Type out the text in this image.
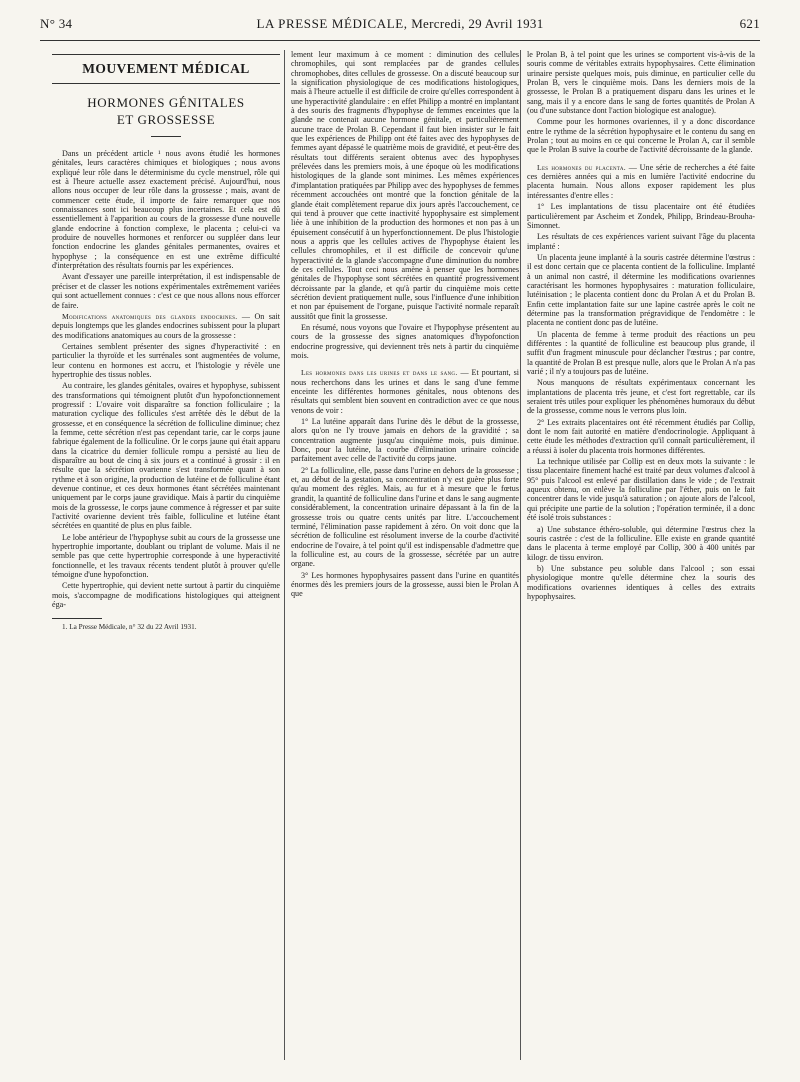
N° 34	LA PRESSE MÉDICALE, Mercredi, 29 Avril 1931	621
MOUVEMENT MÉDICAL
HORMONES GÉNITALES
ET GROSSESSE

Dans un précédent article ¹ nous avons étudié les hormones génitales, leurs caractères chimiques et biologiques ; nous avons expliqué leur rôle dans le déterminisme du cycle menstruel, rôle qui est à l'heure actuelle assez exactement précisé. Aujourd'hui, nous allons nous occuper de leur rôle dans la grossesse ; mais, avant de commencer cette étude, il importe de faire remarquer que nos connaissances sont ici beaucoup plus incertaines. Et cela est dû essentiellement à l'apparition au cours de la grossesse d'une nouvelle glande endocrine à fonction complexe, le placenta ; celui-ci va produire de nouvelles hormones et renforcer ou suppléer dans leur fonction endocrine les glandes génitales permanentes, ovaires et hypophyse ; la conséquence en est une extrême difficulté d'interprétation des résultats fournis par les expériences.

Avant d'essayer une pareille interprétation, il est indispensable de préciser et de classer les notions expérimentales extrêmement variées qui sont actuellement connues : c'est ce que nous allons nous efforcer de faire.

Modifications anatomiques des glandes endocrines. — On sait depuis longtemps que les glandes endocrines subissent pour la plupart des modifications anatomiques au cours de la grossesse :

Certaines semblent présenter des signes d'hyperactivité : en particulier la thyroïde et les surrénales sont augmentées de volume, leur contenu en hormones est accru, et l'histologie y révèle une hypertrophie des tissus nobles.

Au contraire, les glandes génitales, ovaires et hypophyse, subissent des transformations qui témoignent plutôt d'un hypofonctionnement progressif : L'ovaire voit disparaître sa fonction folliculaire ; la maturation cyclique des follicules s'est arrêtée dès le début de la grossesse, et en conséquence la sécrétion de folliculine diminue; chez la femme, cette sécrétion n'est pas cependant tarie, car le corps jaune fabrique également de la folliculine. Or le corps jaune qui était apparu dans la cicatrice du dernier follicule rompu a persisté au lieu de disparaître au bout de cinq à six jours et a continué à grossir : il en résulte que la sécrétion ovarienne s'est transformée quant à son rythme et à son origine, la production de lutéine et de folliculine étant devenue continue, et ces deux hormones étant sécrétées maintenant uniquement par le corps jaune gravidique. Mais à partir du cinquième mois de la grossesse, le corps jaune commence à régresser et par suite l'activité ovarienne devient très faible, folliculine et lutéine étant sécrétées en quantité de plus en plus faible.

Le lobe antérieur de l'hypophyse subit au cours de la grossesse une hypertrophie importante, doublant ou triplant de volume. Mais il ne semble pas que cette hypertrophie corresponde à une hyperactivité fonctionnelle, et les travaux récents tendent plutôt à prouver qu'elle témoigne d'une hypofonction.

Cette hypertrophie, qui devient nette surtout à partir du cinquième mois, s'accompagne de modifications histologiques qui atteignent éga-

1. La Presse Médicale, n° 32 du 22 Avril 1931.

lement leur maximum à ce moment : diminution des cellules chromophiles, qui sont remplacées par de grandes cellules chromophobes, dites cellules de grossesse. On a discuté beaucoup sur la signification physiologique de ces modifications histologiques, mais à l'heure actuelle il est difficile de croire qu'elles correspondent à une hyperactivité glandulaire : en effet Philipp a montré en implantant à des souris des fragments d'hypophyse de femmes enceintes que la glande ne contenait aucune hormone génitale, et particulièrement aucune trace de Prolan B. Cependant il faut bien insister sur le fait que les expériences de Philipp ont été faites avec des hypophyses de femmes ayant dépassé le quatrième mois de gravidité, et peut-être des résultats tout différents seraient obtenus avec des hypophyses prélevées dans les premiers mois, à une époque où les modifications histologiques de la glande sont minimes. Les mêmes expériences d'implantation pratiquées par Philipp avec des hypophyses de femmes récemment accouchées ont montré que la fonction génitale de la glande était complètement reparue dix jours après l'accouchement, ce qui tend à prouver que cette inactivité hypophysaire est simplement liée à une inhibition de la production des hormones et non pas à un épuisement consécutif à un hyperfonctionnement. De plus l'histologie nous a appris que les cellules actives de l'hypophyse étaient les cellules chromophiles, et il est difficile de concevoir qu'une hyperactivité de la glande s'accompagne d'une diminution du nombre de ces cellules. Tout ceci nous amène à penser que les hormones génitales de l'hypophyse sont sécrétées en quantité progressivement décroissante par la glande, et qu'à partir du cinquième mois cette sécrétion devient pratiquement nulle, sous l'influence d'une inhibition et non par épuisement de l'organe, puisque l'activité normale reparaît aussitôt que finit la grossesse.

En résumé, nous voyons que l'ovaire et l'hypophyse présentent au cours de la grossesse des signes anatomiques d'hypofonction endocrine progressive, qui deviennent très nets à partir du cinquième mois.

Les hormones dans les urines et dans le sang. — Et pourtant, si nous recherchons dans les urines et dans le sang d'une femme enceinte les différentes hormones génitales, nous obtenons des résultats qui semblent bien souvent en contradiction avec ce que nous venons de voir :

1° La lutéine apparaît dans l'urine dès le début de la grossesse, alors qu'on ne l'y trouve jamais en dehors de la gravidité ; sa concentration augmente jusqu'au cinquième mois, puis diminue. Donc, pour la lutéine, la courbe d'élimination urinaire coïncide parfaitement avec celle de l'activité du corps jaune.

2° La folliculine, elle, passe dans l'urine en dehors de la grossesse ; et, au début de la gestation, sa concentration n'y est guère plus forte qu'au moment des règles. Mais, au fur et à mesure que le fœtus grandit, la quantité de folliculine dans l'urine et dans le sang augmente considérablement, la concentration urinaire dépassant à la fin de la grossesse trois ou quatre cents unités par litre. L'accouchement terminé, l'élimination passe rapidement à zéro. On voit donc que la sécrétion de folliculine est résolument inverse de la courbe d'activité endocrine de l'ovaire, à tel point qu'il est indispensable d'admettre que la folliculine est, au cours de la grossesse, sécrétée par un autre organe.

3° Les hormones hypophysaires passent dans l'urine en quantités énormes dès les premiers jours de la grossesse, aussi bien le Prolan A que

le Prolan B, à tel point que les urines se comportent vis-à-vis de la souris comme de véritables extraits hypophysaires. Cette élimination urinaire persiste quelques mois, puis diminue, en particulier celle du Prolan B, vers le cinquième mois. Dans les derniers mois de la grossesse, le Prolan B a pratiquement disparu dans les urines et le sang, mais il y a encore dans le sang de fortes quantités de Prolan A (ou d'une substance dont l'action biologique est analogue).

Comme pour les hormones ovariennes, il y a donc discordance entre le rythme de la sécrétion hypophysaire et le contenu du sang en Prolan ; tout au moins en ce qui concerne le Prolan A, car il semble que le Prolan B suive la courbe de l'activité décroissante de la glande.

Les hormones du placenta. — Une série de recherches a été faite ces dernières années qui a mis en lumière l'activité endocrine du placenta humain. Nous allons exposer rapidement les plus intéressantes d'entre elles :

1° Les implantations de tissu placentaire ont été étudiées particulièrement par Ascheim et Zondek, Philipp, Brindeau-Brouha-Simonnet.

Les résultats de ces expériences varient suivant l'âge du placenta implanté :

Un placenta jeune implanté à la souris castrée détermine l'œstrus : il est donc certain que ce placenta contient de la folliculine. Implanté à un animal non castré, il détermine les modifications ovariennes caractérisant les hormones hypophysaires : maturation folliculaire, lutéinisation ; le placenta contient donc du Prolan A et du Prolan B. Enfin cette implantation faite sur une lapine castrée après le coït ne détermine pas la transformation prégravidique de l'endomètre : le placenta ne contient donc pas de lutéine.

Un placenta de femme à terme produit des réactions un peu différentes : la quantité de folliculine est beaucoup plus grande, il suffit d'un fragment minuscule pour déclancher l'œstrus ; par contre, la quantité de Prolan B est presque nulle, alors que le Prolan A n'a pas varié ; il n'y a toujours pas de lutéine.

Nous manquons de résultats expérimentaux concernant les implantations de placenta très jeune, et c'est fort regrettable, car ils seraient très utiles pour expliquer les phénomènes humoraux du début de la grossesse, comme nous le verrons plus loin.

2° Les extraits placentaires ont été récemment étudiés par Collip, dont le nom fait autorité en matière d'endocrinologie. Appliquant à cette étude les méthodes d'extraction qu'il connaît particulièrement, il a réussi à isoler du placenta trois hormones différentes.

La technique utilisée par Collip est en deux mots la suivante : le tissu placentaire finement haché est traité par deux volumes d'alcool à 95° puis l'alcool est enlevé par distillation dans le vide ; de l'extrait aqueux obtenu, on enlève la folliculine par l'éther, puis on le fait concentrer dans le vide jusqu'à saturation ; on ajoute alors de l'alcool, qui précipite une partie de la solution ; l'opération terminée, il a donc été isolé trois substances :

a) Une substance éthéro-soluble, qui détermine l'œstrus chez la souris castrée : c'est de la folliculine. Elle existe en grande quantité dans le placenta à terme employé par Collip, 300 à 400 unités par kilogr. de tissu environ.

b) Une substance peu soluble dans l'alcool ; son essai physiologique montre qu'elle détermine chez la souris des modifications ovariennes identiques à celles des extraits hypophysaires.
